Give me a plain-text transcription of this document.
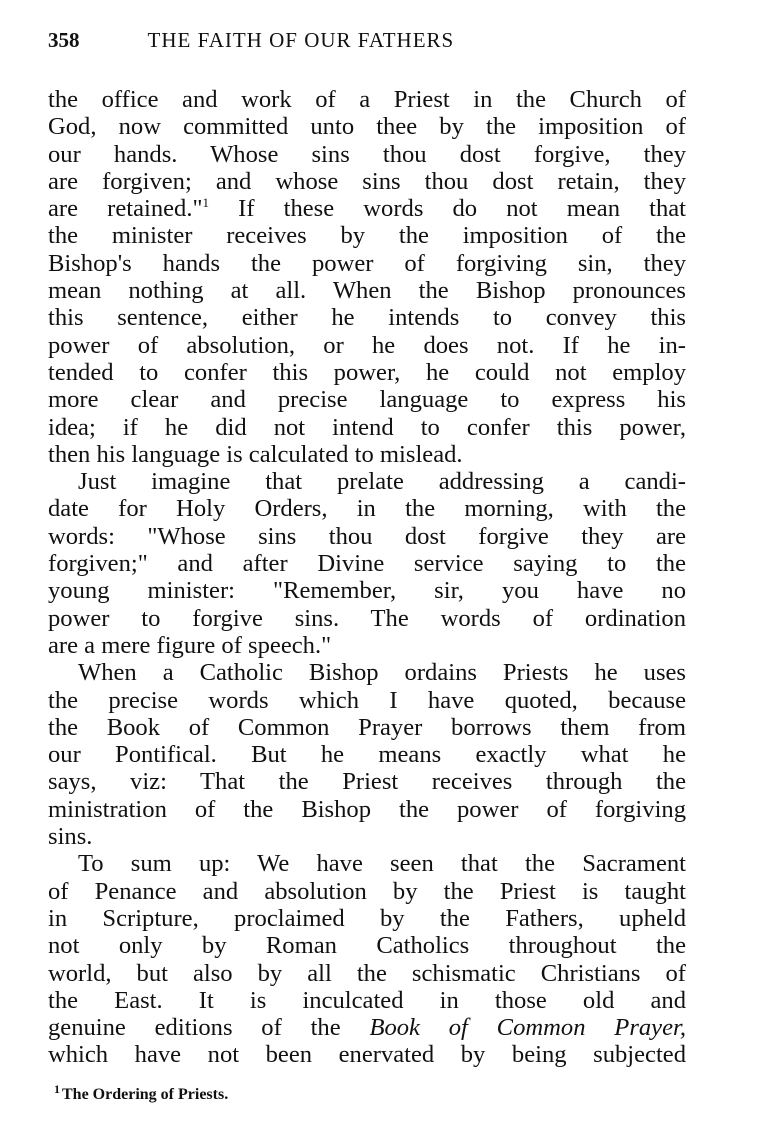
358	THE FAITH OF OUR FATHERS
the office and work of a Priest in the Church of
God, now committed unto thee by the imposition of
our hands. Whose sins thou dost forgive, they
are forgiven; and whose sins thou dost retain, they
are retained."$^1$ If these words do not mean that
the minister receives by the imposition of the
Bishop's hands the power of forgiving sin, they
mean nothing at all. When the Bishop pronounces
this sentence, either he intends to convey this
power of absolution, or he does not. If he in-
tended to confer this power, he could not employ
more clear and precise language to express his
idea; if he did not intend to confer this power,
then his language is calculated to mislead.
Just imagine that prelate addressing a candi-
date for Holy Orders, in the morning, with the
words: "Whose sins thou dost forgive they are
forgiven;" and after Divine service saying to the
young minister: "Remember, sir, you have no
power to forgive sins. The words of ordination
are a mere figure of speech."
When a Catholic Bishop ordains Priests he uses
the precise words which I have quoted, because
the Book of Common Prayer borrows them from
our Pontifical. But he means exactly what he
says, viz: That the Priest receives through the
ministration of the Bishop the power of forgiving
sins.
To sum up: We have seen that the Sacrament
of Penance and absolution by the Priest is taught
in Scripture, proclaimed by the Fathers, upheld
not only by Roman Catholics throughout the
world, but also by all the schismatic Christians of
the East. It is inculcated in those old and
genuine editions of the Book of Common Prayer,
which have not been enervated by being subjected
$^1$ The Ordering of Priests.
